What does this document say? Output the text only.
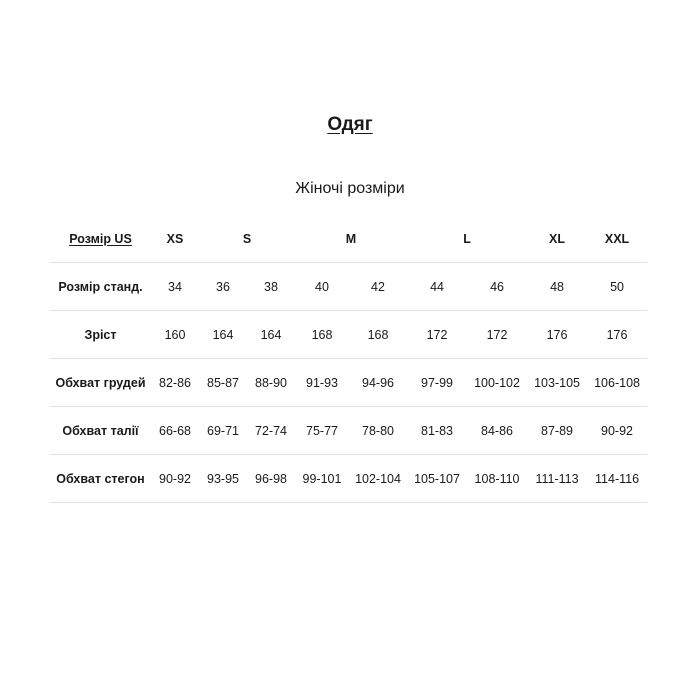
Одяг
Жіночі розміри
Розмір US	XS	S		M		L		XL	XXL
Розмір станд.	34	36	38	40	42	44	46	48	50
Зріст	160	164	164	168	168	172	172	176	176
Обхват грудей	82-86	85-87	88-90	91-93	94-96	97-99	100-102	103-105	106-108
Обхват талії	66-68	69-71	72-74	75-77	78-80	81-83	84-86	87-89	90-92
Обхват стегон	90-92	93-95	96-98	99-101	102-104	105-107	108-110	111-113	114-116
